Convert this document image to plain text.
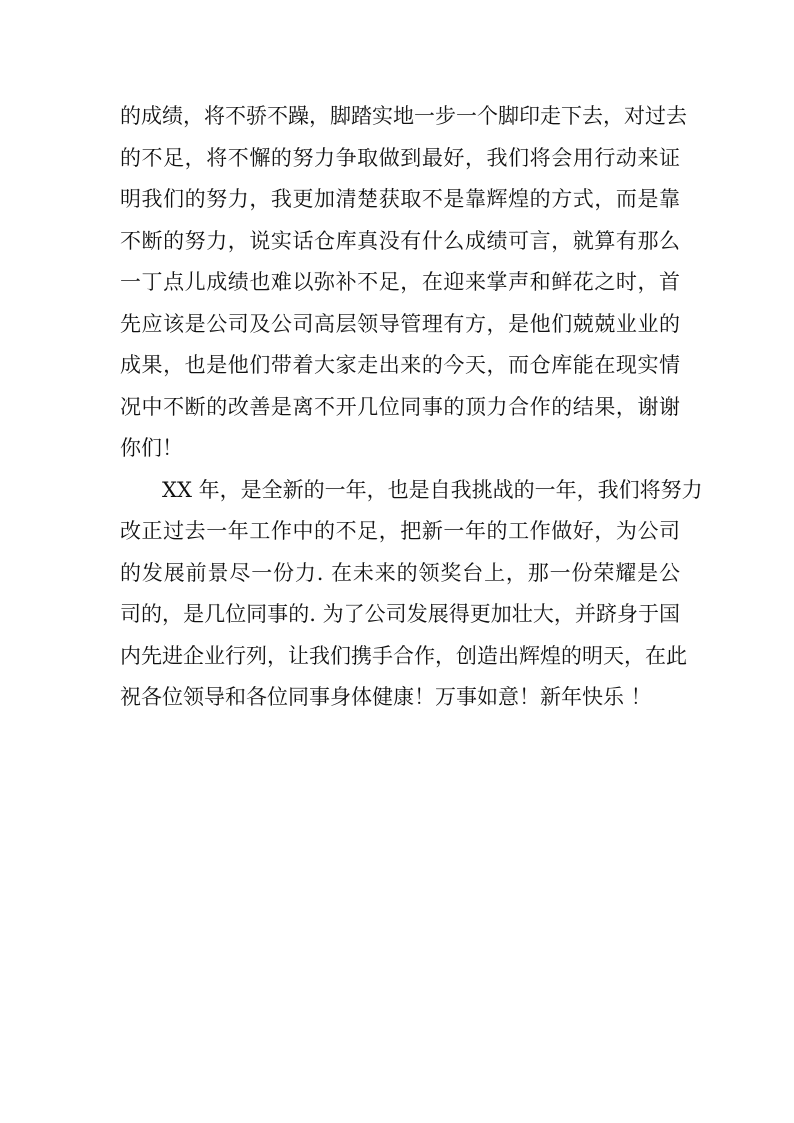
的成绩，将不骄不躁，脚踏实地一步一个脚印走下去，对过去
的不足，将不懈的努力争取做到最好，我们将会用行动来证
明我们的努力，我更加清楚获取不是靠辉煌的方式，而是靠
不断的努力，说实话仓库真没有什么成绩可言，就算有那么
一丁点儿成绩也难以弥补不足，在迎来掌声和鲜花之时，首
先应该是公司及公司高层领导管理有方，是他们兢兢业业的
成果，也是他们带着大家走出来的今天，而仓库能在现实情
况中不断的改善是离不开几位同事的顶力合作的结果，谢谢
你们！

XX 年，是全新的一年，也是自我挑战的一年，我们将努力
改正过去一年工作中的不足，把新一年的工作做好，为公司
的发展前景尽一份力. 在未来的领奖台上，那一份荣耀是公
司的，是几位同事的. 为了公司发展得更加壮大，并跻身于国
内先进企业行列，让我们携手合作，创造出辉煌的明天，在此
祝各位领导和各位同事身体健康！万事如意！新年快乐 ！
